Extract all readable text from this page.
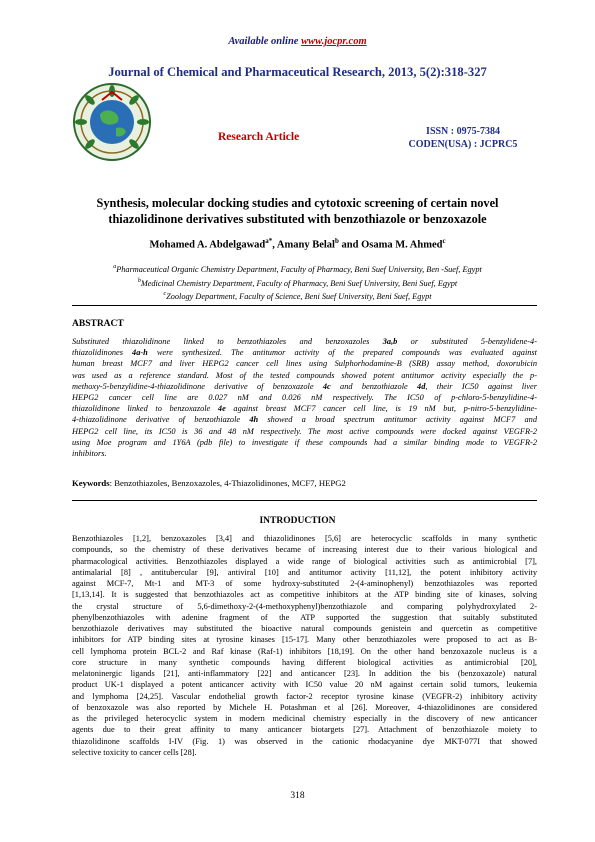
Available online www.jocpr.com
Journal of Chemical and Pharmaceutical Research, 2013, 5(2):318-327
Research Article	ISSN : 0975-7384
CODEN(USA) : JCPRC5
Synthesis, molecular docking studies and cytotoxic screening of certain novel
thiazolidinone derivatives substituted with benzothiazole or benzoxazole
Mohamed A. Abdelgawad$^{a*}$, Amany Belal$^b$ and Osama M. Ahmed$^c$
$^a$Pharmaceutical Organic Chemistry Department, Faculty of Pharmacy, Beni Suef University, Ben -Suef, Egypt
$^b$Medicinal Chemistry Department, Faculty of Pharmacy, Beni Suef University, Beni Suef, Egypt
$^c$Zoology Department, Faculty of Science, Beni Suef University, Beni Suef, Egypt
ABSTRACT
Substituted thiazolidinone linked to benzothiazoles and benzoxazoles 3a,b or substituted 5-benzylidene-4-
thiazolidinones 4a-h were synthesized. The antitumor activity of the prepared compounds was evaluated against
human breast MCF7 and liver HEPG2 cancer cell lines using Sulphorhodamine-B (SRB) assay method, doxorubicin
was used as a reference standard. Most of the tested compounds showed potent antitumor activity especially the p-
methoxy-5-benzylidine-4-thiazolidinone derivative of benzoxazole 4c and benzothiazole 4d, their IC50 against liver
HEPG2 cancer cell line are 0.027 nM and 0.026 nM respectively. The IC50 of p-chloro-5-benzylidine-4-
thiazolidinone linked to benzoxazole 4e against breast MCF7 cancer cell line, is 19 nM but, p-nitro-5-benzylidine-
4-thiazolidinone derivative of benzothiazole 4h showed a broad spectrum antitumor activity against MCF7 and
HEPG2 cell line, its IC50 is 36 and 48 nM respectively. The most active compounds were docked against VEGFR-2
using Moe program and 1Y6A (pdb file) to investigate if these compounds had a similar binding mode to VEGFR-2
inhibitors.
Keywords: Benzothiazoles, Benzoxazoles, 4-Thiazolidinones, MCF7, HEPG2
INTRODUCTION
Benzothiazoles [1,2], benzoxazoles [3,4] and thiazolidinones [5,6] are heterocyclic scaffolds in many synthetic
compounds, so the chemistry of these derivatives became of increasing interest due to their various biological and
pharmacological activities. Benzothiazoles displayed a wide range of biological activities such as antimicrobial [7],
antimalarial [8] , antitubercular [9], antiviral [10] and antitumor activity [11,12], the potent inhibitory activity
against MCF-7, Mt-1 and MT-3 of some hydroxy-substituted 2-(4-aminophenyl) benzothiazoles was reported
[1,13,14]. It is suggested that benzothiazoles act as competitive inhibitors at the ATP binding site of kinases, solving
the crystal structure of 5,6-dimethoxy-2-(4-methoxyphenyl)benzothiazole and comparing polyhydroxylated 2-
phenylbenzothiazoles with adenine fragment of the ATP supported the suggestion that suitably substituted
benzothiazole derivatives may substituted the bioactive natural compounds genistein and quercetin as competitive
inhibitors for ATP binding sites at tyrosine kinases [15-17]. Many other benzothiazoles were proposed to act as B-
cell lymphoma protein BCL-2 and Raf kinase (Raf-1) inhibitors [18,19]. On the other hand benzoxazole nucleus is a
core structure in many synthetic compounds having different biological activities as antimicrobial [20],
melatoninergic ligands [21], anti-inflammatory [22] and anticancer [23]. In addition the bis (benzoxazole) natural
product UK-1 displayed a potent anticancer activity with IC50 value 20 nM against certain solid tumors, leukemia
and lymphoma [24,25]. Vascular endothelial growth factor-2 receptor tyrosine kinase (VEGFR-2) inhibitory activity
of benzoxazole was also reported by Michele H. Potashman et al [26]. Moreover, 4-thiazolidinones are considered
as the privileged heterocyclic system in modern medicinal chemistry especially in the discovery of new anticancer
agents due to their great affinity to many anticancer biotargets [27]. Attachment of benzothiazole moiety to
thiazolidinone scaffolds I-IV (Fig. 1) was observed in the cationic rhodacyanine dye MKT-077I that showed
selective toxicity to cancer cells [28].
318
